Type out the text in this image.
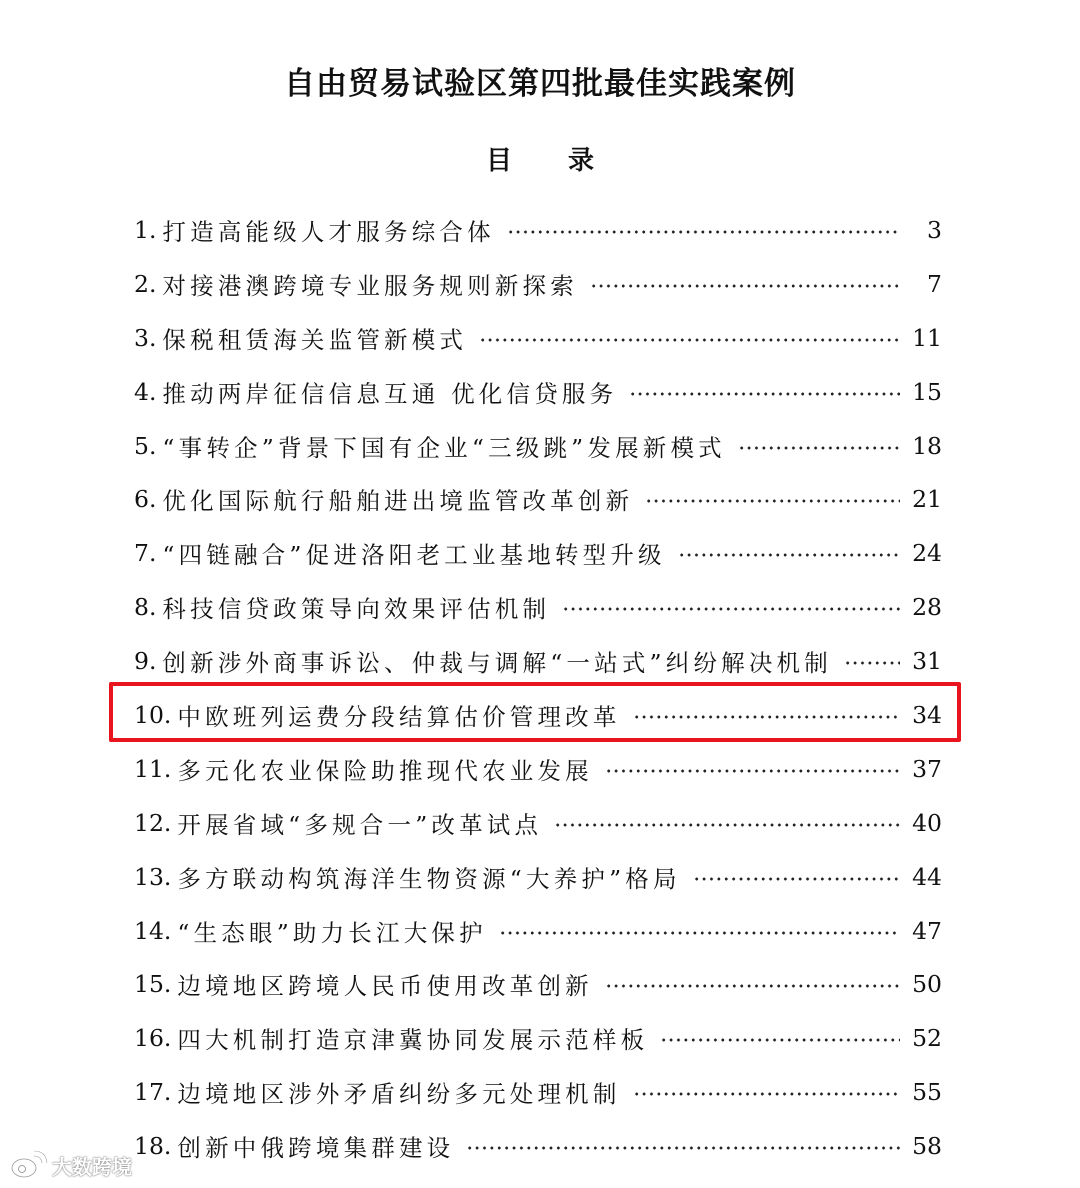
自由贸易试验区第四批最佳实践案例
目 录
1. 打造高能级人才服务综合体	3
2. 对接港澳跨境专业服务规则新探索	7
3. 保税租赁海关监管新模式	11
4. 推动两岸征信信息互通 优化信贷服务	15
5. “事转企”背景下国有企业“三级跳”发展新模式	18
6. 优化国际航行船舶进出境监管改革创新	21
7. “四链融合”促进洛阳老工业基地转型升级	24
8. 科技信贷政策导向效果评估机制	28
9. 创新涉外商事诉讼、仲裁与调解“一站式”纠纷解决机制	31
10. 中欧班列运费分段结算估价管理改革	34
11. 多元化农业保险助推现代农业发展	37
12. 开展省域“多规合一”改革试点	40
13. 多方联动构筑海洋生物资源“大养护”格局	44
14. “生态眼”助力长江大保护	47
15. 边境地区跨境人民币使用改革创新	50
16. 四大机制打造京津冀协同发展示范样板	52
17. 边境地区涉外矛盾纠纷多元处理机制	55
18. 创新中俄跨境集群建设	58
大数跨境
